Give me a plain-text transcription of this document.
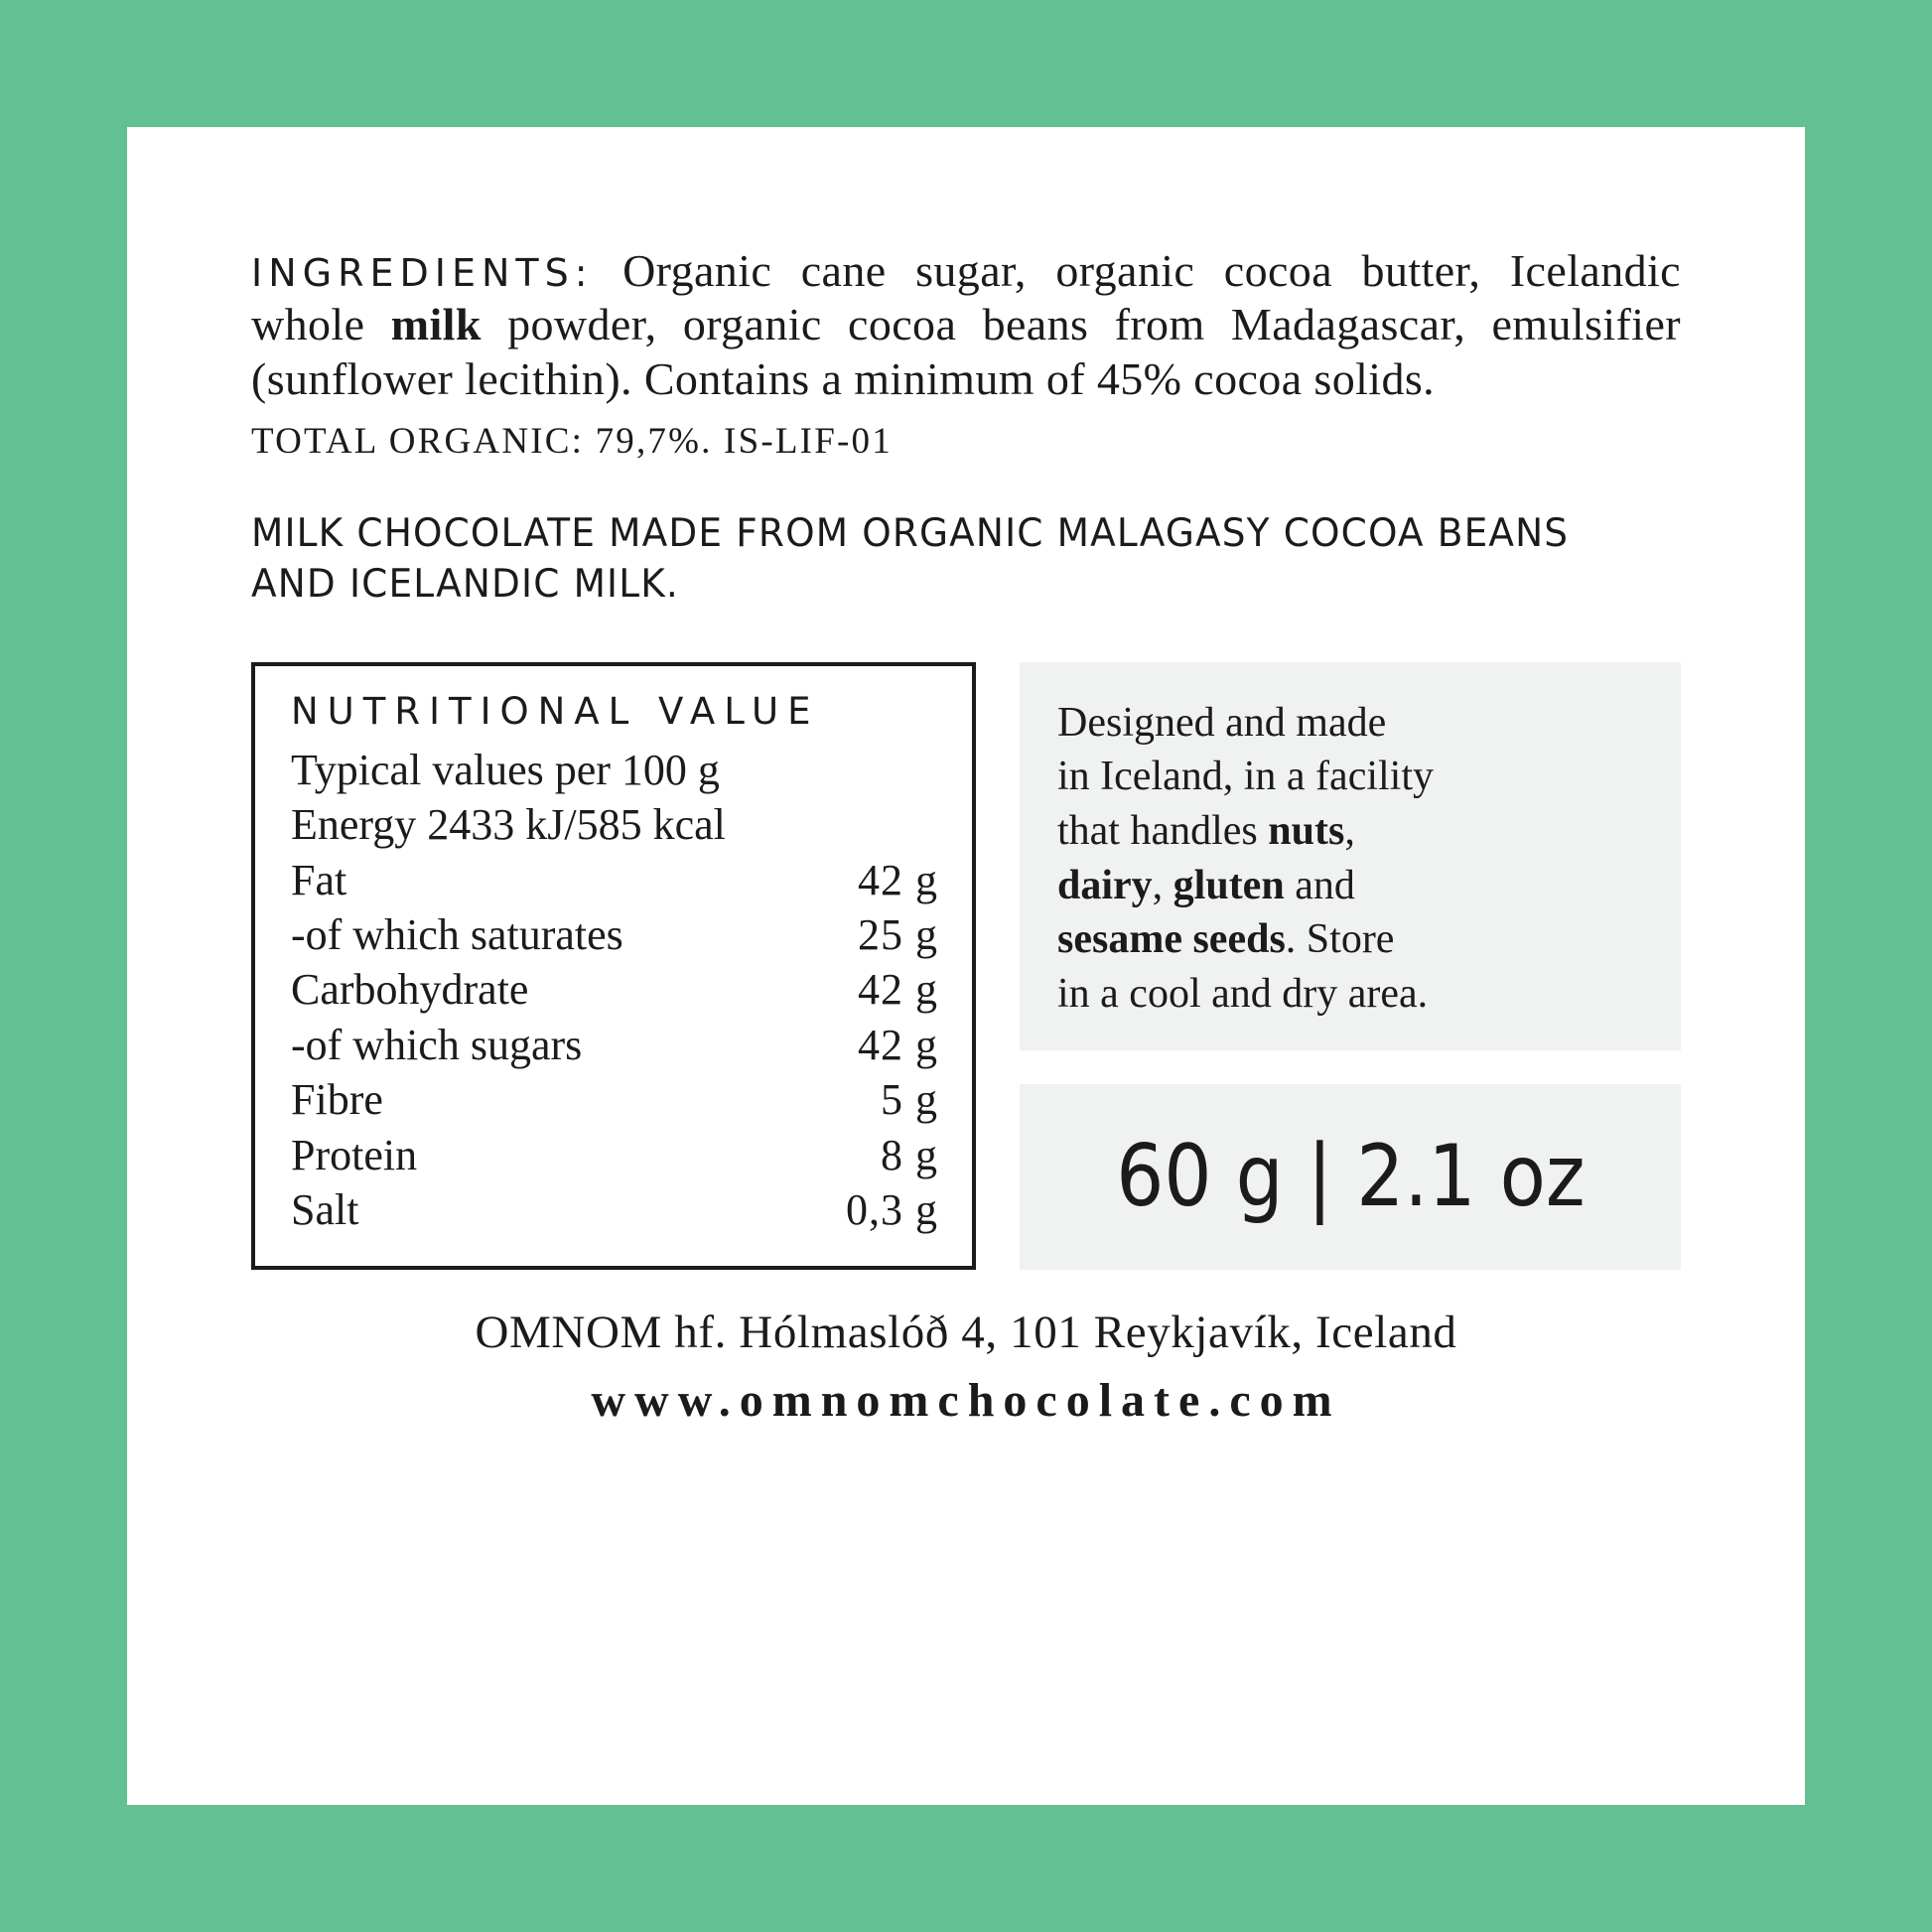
INGREDIENTS: Organic cane sugar, organic cocoa butter, Icelandic whole milk powder, organic cocoa beans from Madagascar, emulsifier (sunflower lecithin). Contains a minimum of 45% cocoa solids.

TOTAL ORGANIC: 79,7%. IS-LIF-01
MILK CHOCOLATE MADE FROM ORGANIC MALAGASY COCOA BEANS AND ICELANDIC MILK.
NUTRITIONAL VALUE
Typical values per 100 g
Energy 2433 kJ/585 kcal
Fat	42 g
-of which saturates	25 g
Carbohydrate	42 g
-of which sugars	42 g
Fibre	5 g
Protein	8 g
Salt	0,3 g
Designed and made
in Iceland, in a facility
that handles nuts,
dairy, gluten and
sesame seeds. Store
in a cool and dry area.
60 g | 2.1 oz
OMNOM hf. Hólmaslóð 4, 101 Reykjavík, Iceland
www.omnomchocolate.com
